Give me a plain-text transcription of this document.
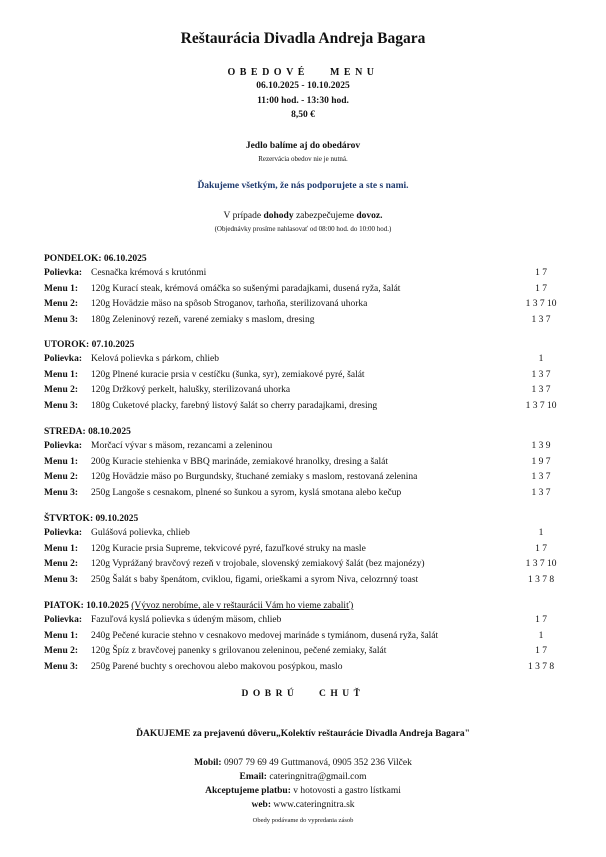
Reštaurácia Divadla Andreja Bagara
OBEDOVÉ   MENU
06.10.2025 - 10.10.2025
11:00 hod. - 13:30 hod.
8,50 €
Jedlo balíme aj do obedárov
Rezervácia obedov nie je nutná.
Ďakujeme všetkým, že nás podporujete a ste s nami.
V prípade dohody zabezpečujeme dovoz.
(Objednávky prosíme nahlasovať od 08:00 hod. do 10:00 hod.)
PONDELOK: 06.10.2025
Polievka: Cesnačka krémová s krutónmi	1 7
Menu 1: 120g Kurací steak, krémová omáčka so sušenými paradajkami, dusená ryža, šalát	1 7
Menu 2: 120g Hovädzie mäso na spôsob Stroganov, tarhoňa, sterilizovaná uhorka	1 3 7 10
Menu 3: 180g Zeleninový rezeň, varené zemiaky s maslom, dresing	1 3 7
UTOROK: 07.10.2025
Polievka: Kelová polievka s párkom, chlieb	1
Menu 1: 120g Plnené kuracie prsia v cestíčku (šunka, syr), zemiakové pyré, šalát	1 3 7
Menu 2: 120g Držkový perkelt, halušky, sterilizovaná uhorka	1 3 7
Menu 3: 180g Cuketové placky, farebný listový šalát so cherry paradajkami, dresing	1 3 7 10
STREDA: 08.10.2025
Polievka: Morčací vývar s mäsom, rezancami a zeleninou	1 3 9
Menu 1: 200g Kuracie stehienka v BBQ marináde, zemiakové hranolky, dresing a šalát	1 9 7
Menu 2: 120g Hovädzie mäso po Burgundsky, štuchané zemiaky s maslom, restovaná zelenina	1 3 7
Menu 3: 250g Langoše s cesnakom, plnené so šunkou a syrom, kyslá smotana alebo kečup	1 3 7
ŠTVRTOK: 09.10.2025
Polievka: Gulášová polievka, chlieb	1
Menu 1: 120g Kuracie prsia Supreme, tekvicové pyré, fazuľkové struky na masle	1 7
Menu 2: 120g Vyprážaný bravčový rezeň v trojobale, slovenský zemiakový šalát (bez majonézy)	1 3 7 10
Menu 3: 250g Šalát s baby špenátom, cviklou, figami, orieškami a syrom Niva, celozrnný toast	1 3 7 8
PIATOK: 10.10.2025 (Vývoz nerobíme, ale v reštaurácii Vám ho vieme zabaliť)
Polievka: Fazuľová kyslá polievka s údeným mäsom, chlieb	1 7
Menu 1: 240g Pečené kuracie stehno v cesnakovo medovej marináde s tymiánom, dusená ryža, šalát	1
Menu 2: 120g Špíz z bravčovej panenky s grilovanou zeleninou, pečené zemiaky, šalát	1 7
Menu 3: 250g Parené buchty s orechovou alebo makovou posýpkou, maslo	1 3 7 8
DOBRÚ   CHUŤ
ĎAKUJEME za prejavenú dôveru„Kolektív reštaurácie Divadla Andreja Bagara"
Mobil: 0907 79 69 49 Guttmanová, 0905 352 236 Vilček
Email: cateringnitra@gmail.com
Akceptujeme platbu: v hotovosti a gastro lístkami
web: www.cateringnitra.sk
Obedy podávame do vypredania zásob
